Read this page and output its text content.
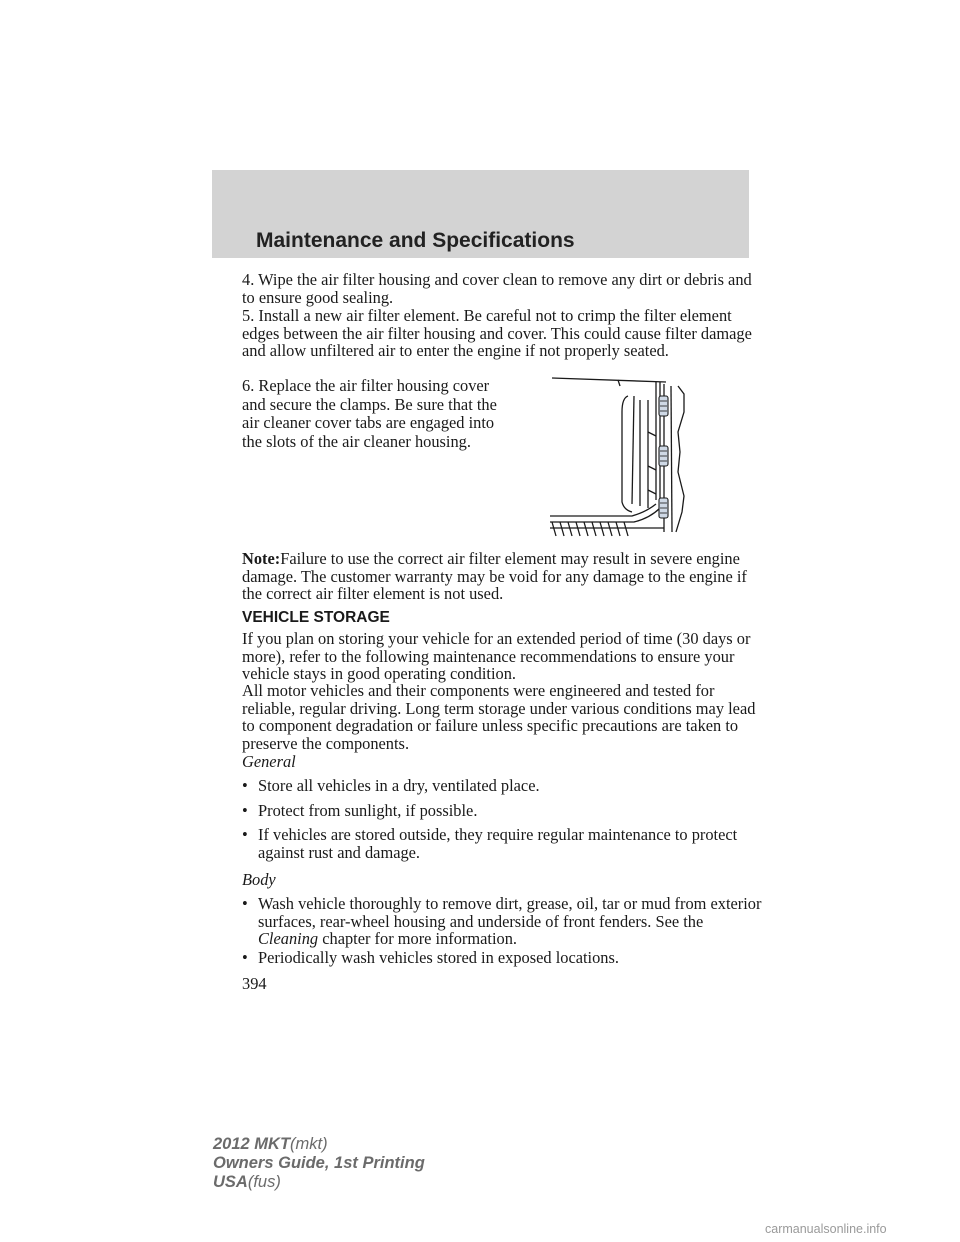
Maintenance and Specifications
4. Wipe the air filter housing and cover clean to remove any dirt or debris and to ensure good sealing.
5. Install a new air filter element. Be careful not to crimp the filter element edges between the air filter housing and cover. This could cause filter damage and allow unfiltered air to enter the engine if not properly seated.
6. Replace the air filter housing cover and secure the clamps. Be sure that the air cleaner cover tabs are engaged into the slots of the air cleaner housing.
Note:Failure to use the correct air filter element may result in severe engine damage. The customer warranty may be void for any damage to the engine if the correct air filter element is not used.
VEHICLE STORAGE
If you plan on storing your vehicle for an extended period of time (30 days or more), refer to the following maintenance recommendations to ensure your vehicle stays in good operating condition.
All motor vehicles and their components were engineered and tested for reliable, regular driving. Long term storage under various conditions may lead to component degradation or failure unless specific precautions are taken to preserve the components.
General
• Store all vehicles in a dry, ventilated place.
• Protect from sunlight, if possible.
• If vehicles are stored outside, they require regular maintenance to protect against rust and damage.
Body
• Wash vehicle thoroughly to remove dirt, grease, oil, tar or mud from exterior surfaces, rear-wheel housing and underside of front fenders. See the Cleaning chapter for more information.
• Periodically wash vehicles stored in exposed locations.
394
2012 MKT(mkt)
Owners Guide, 1st Printing
USA(fus)
carmanualsonline.info
